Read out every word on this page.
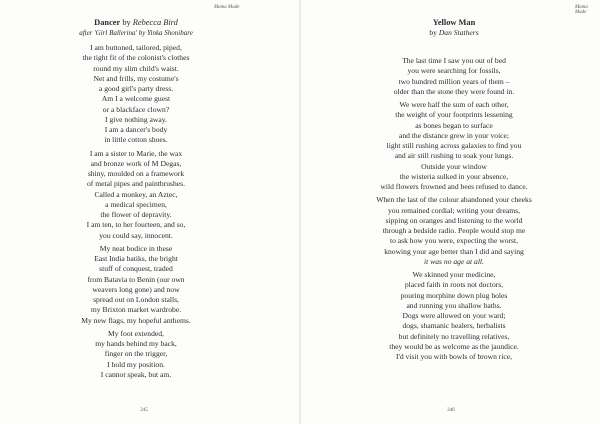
Mama Made
Dancer by Rebecca Bird
after 'Girl Ballerina' by Yinka Shonibare
I am buttoned, tailored, piped,
the tight fit of the colonist's clothes
round my slim child's waist.
Net and frills, my costume's
a good girl's party dress.
Am I a welcome guest
or a blackface clown?
I give nothing away.
I am a dancer's body
in little cotton shoes.
I am a sister to Marie, the wax
and bronze work of M Degas,
shiny, moulded on a framework
of metal pipes and paintbrushes.
Called a monkey, an Aztec,
a medical specimen,
the flower of depravity.
I am ten, to her fourteen, and so,
you could say, innocent.
My neat bodice in these
East India batiks, the bright
stuff of conquest, traded
from Batavia to Benin (our own
weavers long gone) and now
spread out on London stalls,
my Brixton market wardrobe.
My new flags, my hopeful anthems.
My foot extended,
my hands behind my back,
finger on the trigger,
I hold my position.
I cannot speak, but am.
245
Mama Made
Yellow Man
by Dan Stathers
The last time I saw you out of bed
you were searching for fossils,
two hundred million years of them –
older than the stone they were found in.
We were half the sum of each other,
the weight of your footprints lessening
as bones began to surface
and the distance grew in your voice;
light still rushing across galaxies to find you
and air still rushing to soak your lungs.
Outside your window
the wisteria sulked in your absence,
wild flowers frowned and bees refused to dance.
When the last of the colour abandoned your cheeks
you remained cordial; writing your dreams,
sipping on oranges and listening to the world
through a bedside radio. People would stop me
to ask how you were, expecting the worst,
knowing your age better than I did and saying
it was no age at all.
We skinned your medicine,
placed faith in roots not doctors,
pouring morphine down plug holes
and running you shallow baths.
Dogs were allowed on your ward;
dogs, shamanic healers, herbalists
but definitely no travelling relatives,
they would be as welcome as the jaundice.
I'd visit you with bowls of brown rice,
246
